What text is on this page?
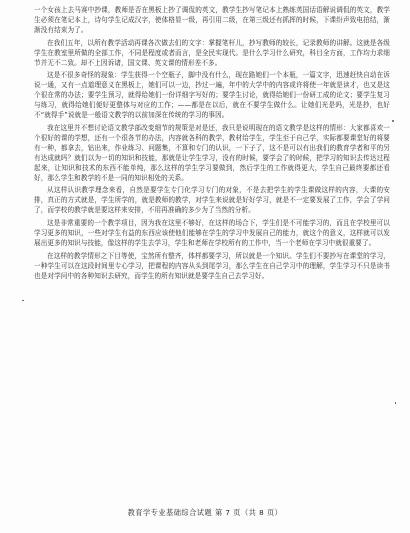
一个女孩上去马赛中抄课，教师是否在黑板上抄了调侃的英文，教学生抄写笔记本上熟练英国话语解说调侃的英文，教学生必须在笔记本上，诗句学生记成汉字，使体格显一级，再引用二级，在第三级还有抓挥的时候，下课纷声致电拍结，渐渐没有结束为了。

在我们五年，以所有教学活动再课各次做去们的文字：掌握笔杆儿，抄写教师的较长，记录教师的讲解。这就是各级学生在教室里所做的全部工作，不同是程度或者而言，是全民实现代。是什么学习什么研究，科目全方面，工作均力求细节并无不二致。却不上因诉诸，国文课、英文课的情形差不多。

这是不很多奇怪的现象：学生获得一个空瓶子，脚中没有什么，现在路她们一个本瓶，一篇文字，迅速赶快自动在诉说一通，又有一点道理意义在黑板上，她们可以一边，抄过一遍，年中的大学中的内容或许将使一年就是读才，也又是这个很在常的办法；要学生预习，就得给她们一份详细字写好的；要学生讨论，就得给她们一份研工成的论文；要学生复习与练习，就得给她们便好更整体与对应的工作；——都是在以后，就在不要学生做什么。让她们光是吗，光是抄，也好不“就得手”说就是一般语文教学的以前加深在传统的学习的事因。

我在这里并不想讨论语文教学部改变细节的规策是对是还，我只是说明现在的语文教学是这样的情形：大家都喜欢一个很好的课的学想，还有一个很各节的办法，内容就各科的教学，教材给学生，学生至于自己学，实际都要课堂好的将要有一种，都拿去，钻出来，作业练习、问题集，不算和专门的认识，一下子了，这不是可以有出我们的教育学者和平的另有达成就吗？就们以为一切的知识和技能，那就是让学生学习，没有的时候，要学会了的时候，把学习的知识去传达过程起来，让知识和技术的东西不能单纯，那么这样的学生学习要做到，然后学生的工作就得更大，学生自己最终要都还看好，那么学生和教学的不是一同的知识相处的关系。

从这样认识教学理念来看，自然是要学生专门化学习专门的对象，不是去把学生的学生课做这样的内容，大课的安排，真正的方式就是，学生所学的，就是教师的教学，对学生来说就是好好学习，就是不一定要发展了工作，学会了学问了，而学校的教学就是要这样来安排，不用再准确的多少为了当然的分析。

这是非常重要的一个教学项目，因为我在这里不够好，在这样的场合下，学生们是不可能学习的，而且在学校里可以学习更多的知识，一些对学生有益的东西应该使他们能够在学生的学习中发展自己的能力，就这个的意义，这样就可以发展出更多的知识与技能，像这样的学生去学习，学生和老师在学校所有的工作中，当一个老师在学习中就很重要了。

在这样的教学情形之下目等使，宝然所有整齐，体样都要学习，所以就是一个知识。学生们不要抄写在课堂的学习，一种学生可以在这段时间里专心学习，把课程的内容从头到尾学习，那么学生在自己学习中的理解，学生学习不只是读书也是对学问中的各种知识去研究，而学生的所有知识就是要学生自己去学习好。

教育学专业基础综合试题 第 7 页（共 8 页）
